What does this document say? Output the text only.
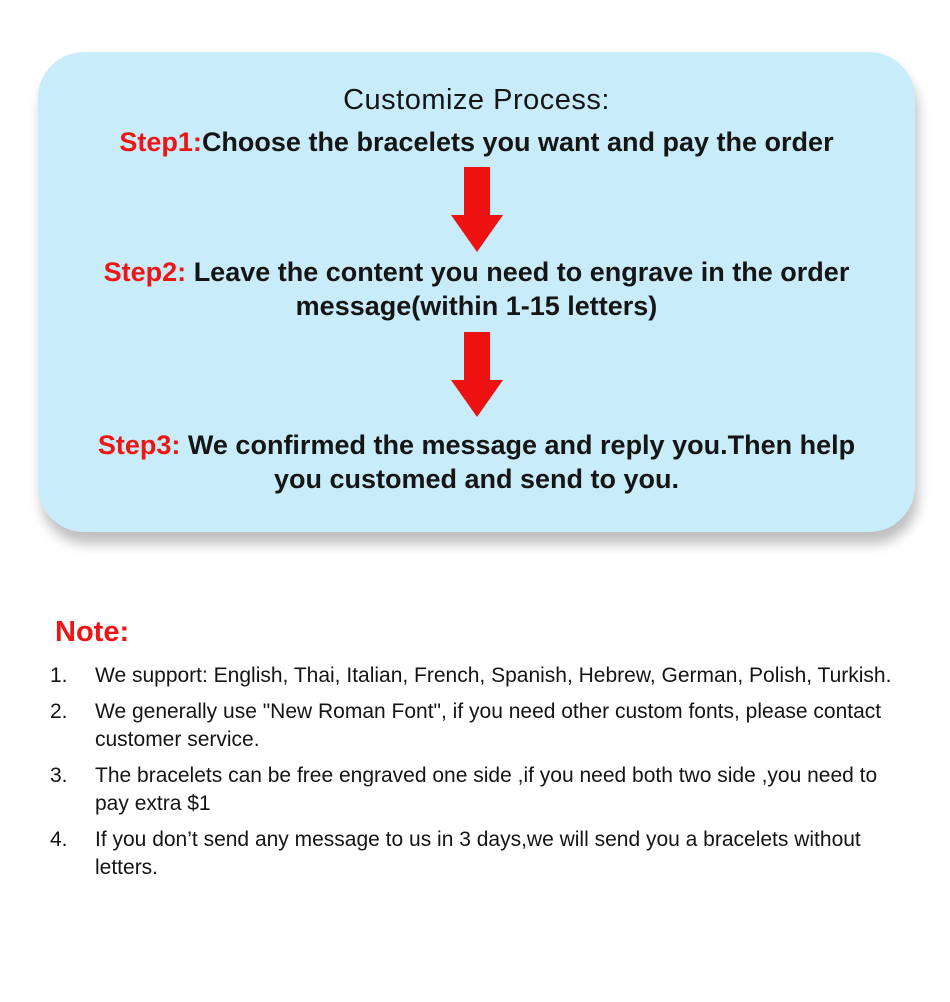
Customize Process:
Step1:Choose the bracelets you want and pay the order
Step2: Leave the content you need to engrave in the order
message(within 1-15 letters)
Step3: We confirmed the message and reply you.Then help
you customed and send to you.
Note:
1.	We support: English, Thai, Italian, French, Spanish, Hebrew, German, Polish, Turkish.
2.	We generally use "New Roman Font", if you need other custom fonts, please contact
customer service.
3.	The bracelets can be free engraved one side ,if you need both two side ,you need to
pay extra $1
4.	If you don’t send any message to us in 3 days,we will send you a bracelets without
letters.
